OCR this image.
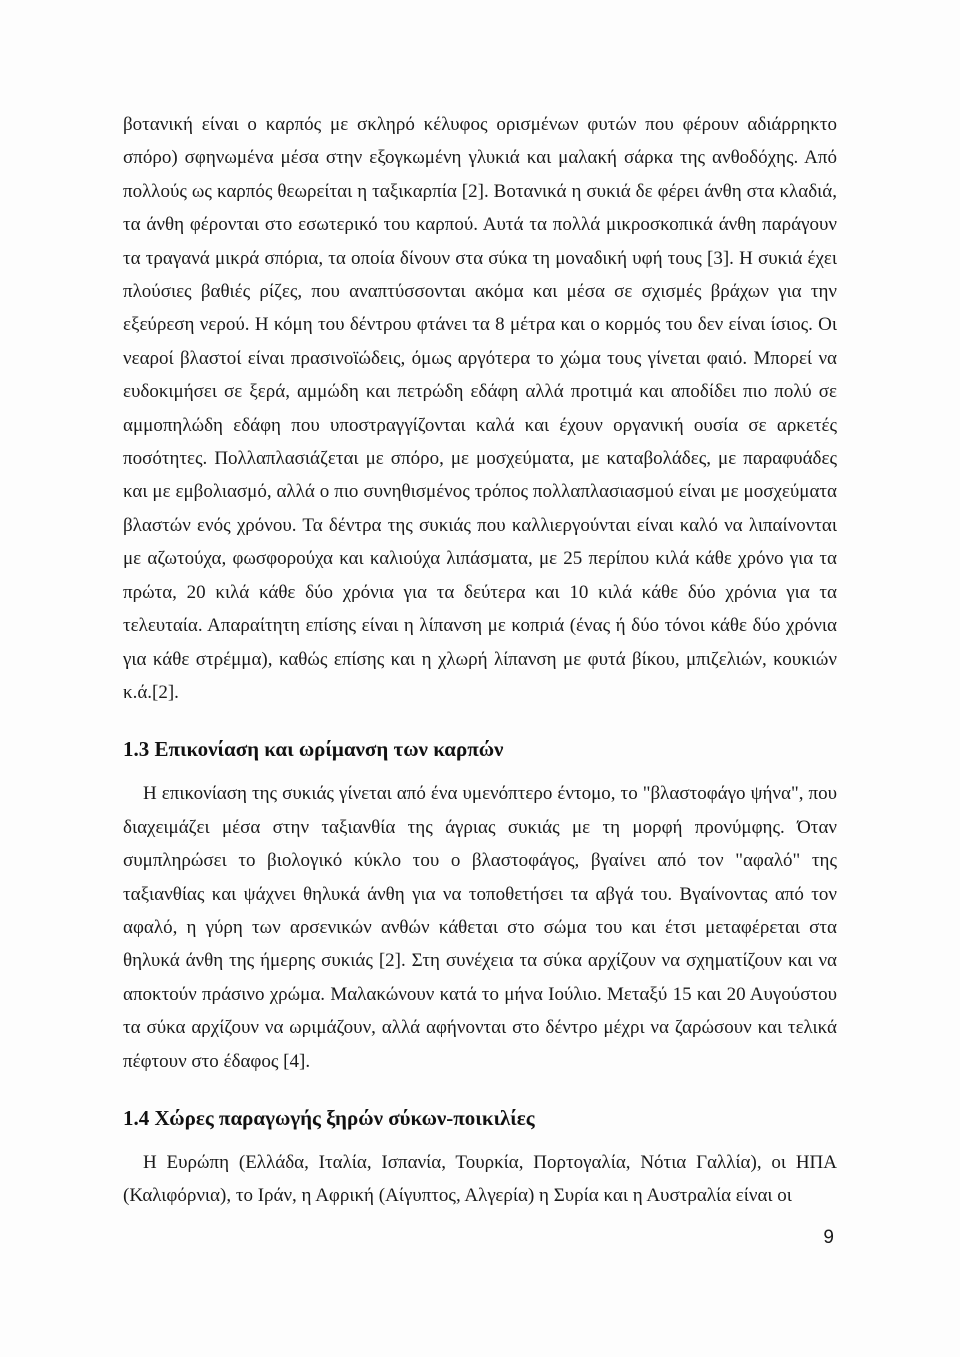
βοτανική είναι ο καρπός με σκληρό κέλυφος ορισμένων φυτών που φέρουν αδιάρρηκτο σπόρο) σφηνωμένα μέσα στην εξογκωμένη γλυκιά και μαλακή σάρκα της ανθοδόχης. Από πολλούς ως καρπός θεωρείται η ταξικαρπία [2]. Βοτανικά η συκιά δε φέρει άνθη στα κλαδιά, τα άνθη φέρονται στο εσωτερικό του καρπού. Αυτά τα πολλά μικροσκοπικά άνθη παράγουν τα τραγανά μικρά σπόρια, τα οποία δίνουν στα σύκα τη μοναδική υφή τους [3]. Η συκιά έχει πλούσιες βαθιές ρίζες, που αναπτύσσονται ακόμα και μέσα σε σχισμές βράχων για την εξεύρεση νερού. Η κόμη του δέντρου φτάνει τα 8 μέτρα και ο κορμός του δεν είναι ίσιος. Οι νεαροί βλαστοί είναι πρασινοϊώδεις, όμως αργότερα το χώμα τους γίνεται φαιό. Μπορεί να ευδοκιμήσει σε ξερά, αμμώδη και πετρώδη εδάφη αλλά προτιμά και αποδίδει πιο πολύ σε αμμοπηλώδη εδάφη που υποστραγγίζονται καλά και έχουν οργανική ουσία σε αρκετές ποσότητες. Πολλαπλασιάζεται με σπόρο, με μοσχεύματα, με καταβολάδες, με παραφυάδες και με εμβολιασμό, αλλά ο πιο συνηθισμένος τρόπος πολλαπλασιασμού είναι με μοσχεύματα βλαστών ενός χρόνου. Τα δέντρα της συκιάς που καλλιεργούνται είναι καλό να λιπαίνονται με αζωτούχα, φωσφορούχα και καλιούχα λιπάσματα, με 25 περίπου κιλά κάθε χρόνο για τα πρώτα, 20 κιλά κάθε δύο χρόνια για τα δεύτερα και 10 κιλά κάθε δύο χρόνια για τα τελευταία. Απαραίτητη επίσης είναι η λίπανση με κοπριά (ένας ή δύο τόνοι κάθε δύο χρόνια για κάθε στρέμμα), καθώς επίσης και η χλωρή λίπανση με φυτά βίκου, μπιζελιών, κουκιών κ.ά.[2].

1.3 Επικονίαση και ωρίμανση των καρπών

Η επικονίαση της συκιάς γίνεται από ένα υμενόπτερο έντομο, το "βλαστοφάγο ψήνα", που διαχειμάζει μέσα στην ταξιανθία της άγριας συκιάς με τη μορφή προνύμφης. Όταν συμπληρώσει το βιολογικό κύκλο του ο βλαστοφάγος, βγαίνει από τον "αφαλό" της ταξιανθίας και ψάχνει θηλυκά άνθη για να τοποθετήσει τα αβγά του. Βγαίνοντας από τον αφαλό, η γύρη των αρσενικών ανθών κάθεται στο σώμα του και έτσι μεταφέρεται στα θηλυκά άνθη της ήμερης συκιάς [2]. Στη συνέχεια τα σύκα αρχίζουν να σχηματίζουν και να αποκτούν πράσινο χρώμα. Μαλακώνουν κατά το μήνα Ιούλιο. Μεταξύ 15 και 20 Αυγούστου τα σύκα αρχίζουν να ωριμάζουν, αλλά αφήνονται στο δέντρο μέχρι να ζαρώσουν και τελικά πέφτουν στο έδαφος [4].

1.4 Χώρες παραγωγής ξηρών σύκων-ποικιλίες

Η Ευρώπη (Ελλάδα, Ιταλία, Ισπανία, Τουρκία, Πορτογαλία, Νότια Γαλλία), οι ΗΠΑ (Καλιφόρνια), το Ιράν, η Αφρική (Αίγυπτος, Αλγερία) η Συρία και η Αυστραλία είναι οι

9
